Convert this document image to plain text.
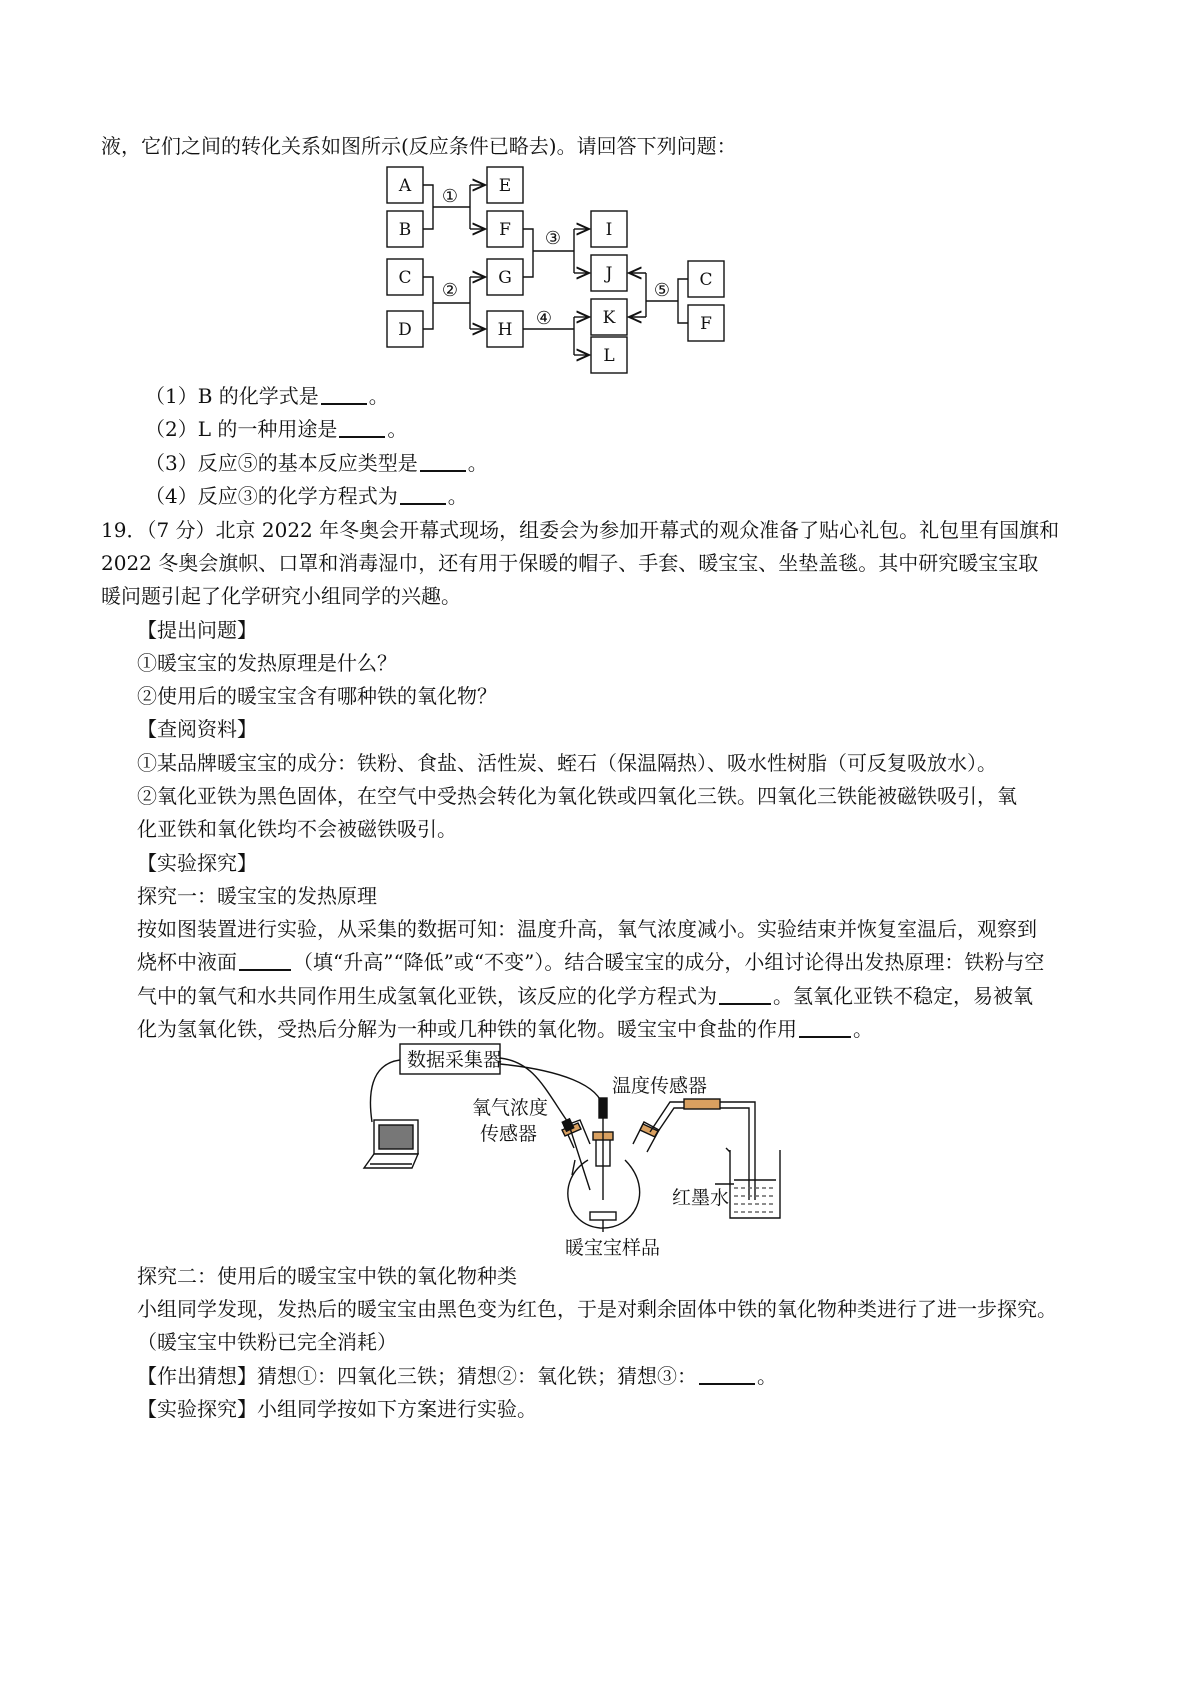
液，它们之间的转化关系如图所示(反应条件已略去)。请回答下列问题：
A
B
C
D
E
F
G
H
I
J
K
L
C
F
①
②
③
④
⑤
（1）B 的化学式是	。
（2）L 的一种用途是	。
（3）反应⑤的基本反应类型是	。
（4）反应③的化学方程式为	。
19．（7 分）北京 2022 年冬奥会开幕式现场，组委会为参加开幕式的观众准备了贴心礼包。礼包里有国旗和
2022 冬奥会旗帜、口罩和消毒湿巾，还有用于保暖的帽子、手套、暖宝宝、坐垫盖毯。其中研究暖宝宝取
暖问题引起了化学研究小组同学的兴趣。
【提出问题】
①暖宝宝的发热原理是什么？
②使用后的暖宝宝含有哪种铁的氧化物？
【查阅资料】
①某品牌暖宝宝的成分：铁粉、食盐、活性炭、蛭石（保温隔热）、吸水性树脂（可反复吸放水）。
②氧化亚铁为黑色固体，在空气中受热会转化为氧化铁或四氧化三铁。四氧化三铁能被磁铁吸引，氧
化亚铁和氧化铁均不会被磁铁吸引。
【实验探究】
探究一：暖宝宝的发热原理
按如图装置进行实验，从采集的数据可知：温度升高，氧气浓度减小。实验结束并恢复室温后，观察到
烧杯中液面	（填“升高”“降低”或“不变”）。结合暖宝宝的成分，小组讨论得出发热原理：铁粉与空
气中的氧气和水共同作用生成氢氧化亚铁，该反应的化学方程式为	。氢氧化亚铁不稳定，易被氧
化为氢氧化铁，受热后分解为一种或几种铁的氧化物。暖宝宝中食盐的作用	。
数据采集器
温度传感器
氧气浓度
传感器
红墨水
暖宝宝样品
探究二：使用后的暖宝宝中铁的氧化物种类
小组同学发现，发热后的暖宝宝由黑色变为红色，于是对剩余固体中铁的氧化物种类进行了进一步探究。
（暖宝宝中铁粉已完全消耗）
【作出猜想】猜想①：四氧化三铁；猜想②：氧化铁；猜想③：	。
【实验探究】小组同学按如下方案进行实验。
